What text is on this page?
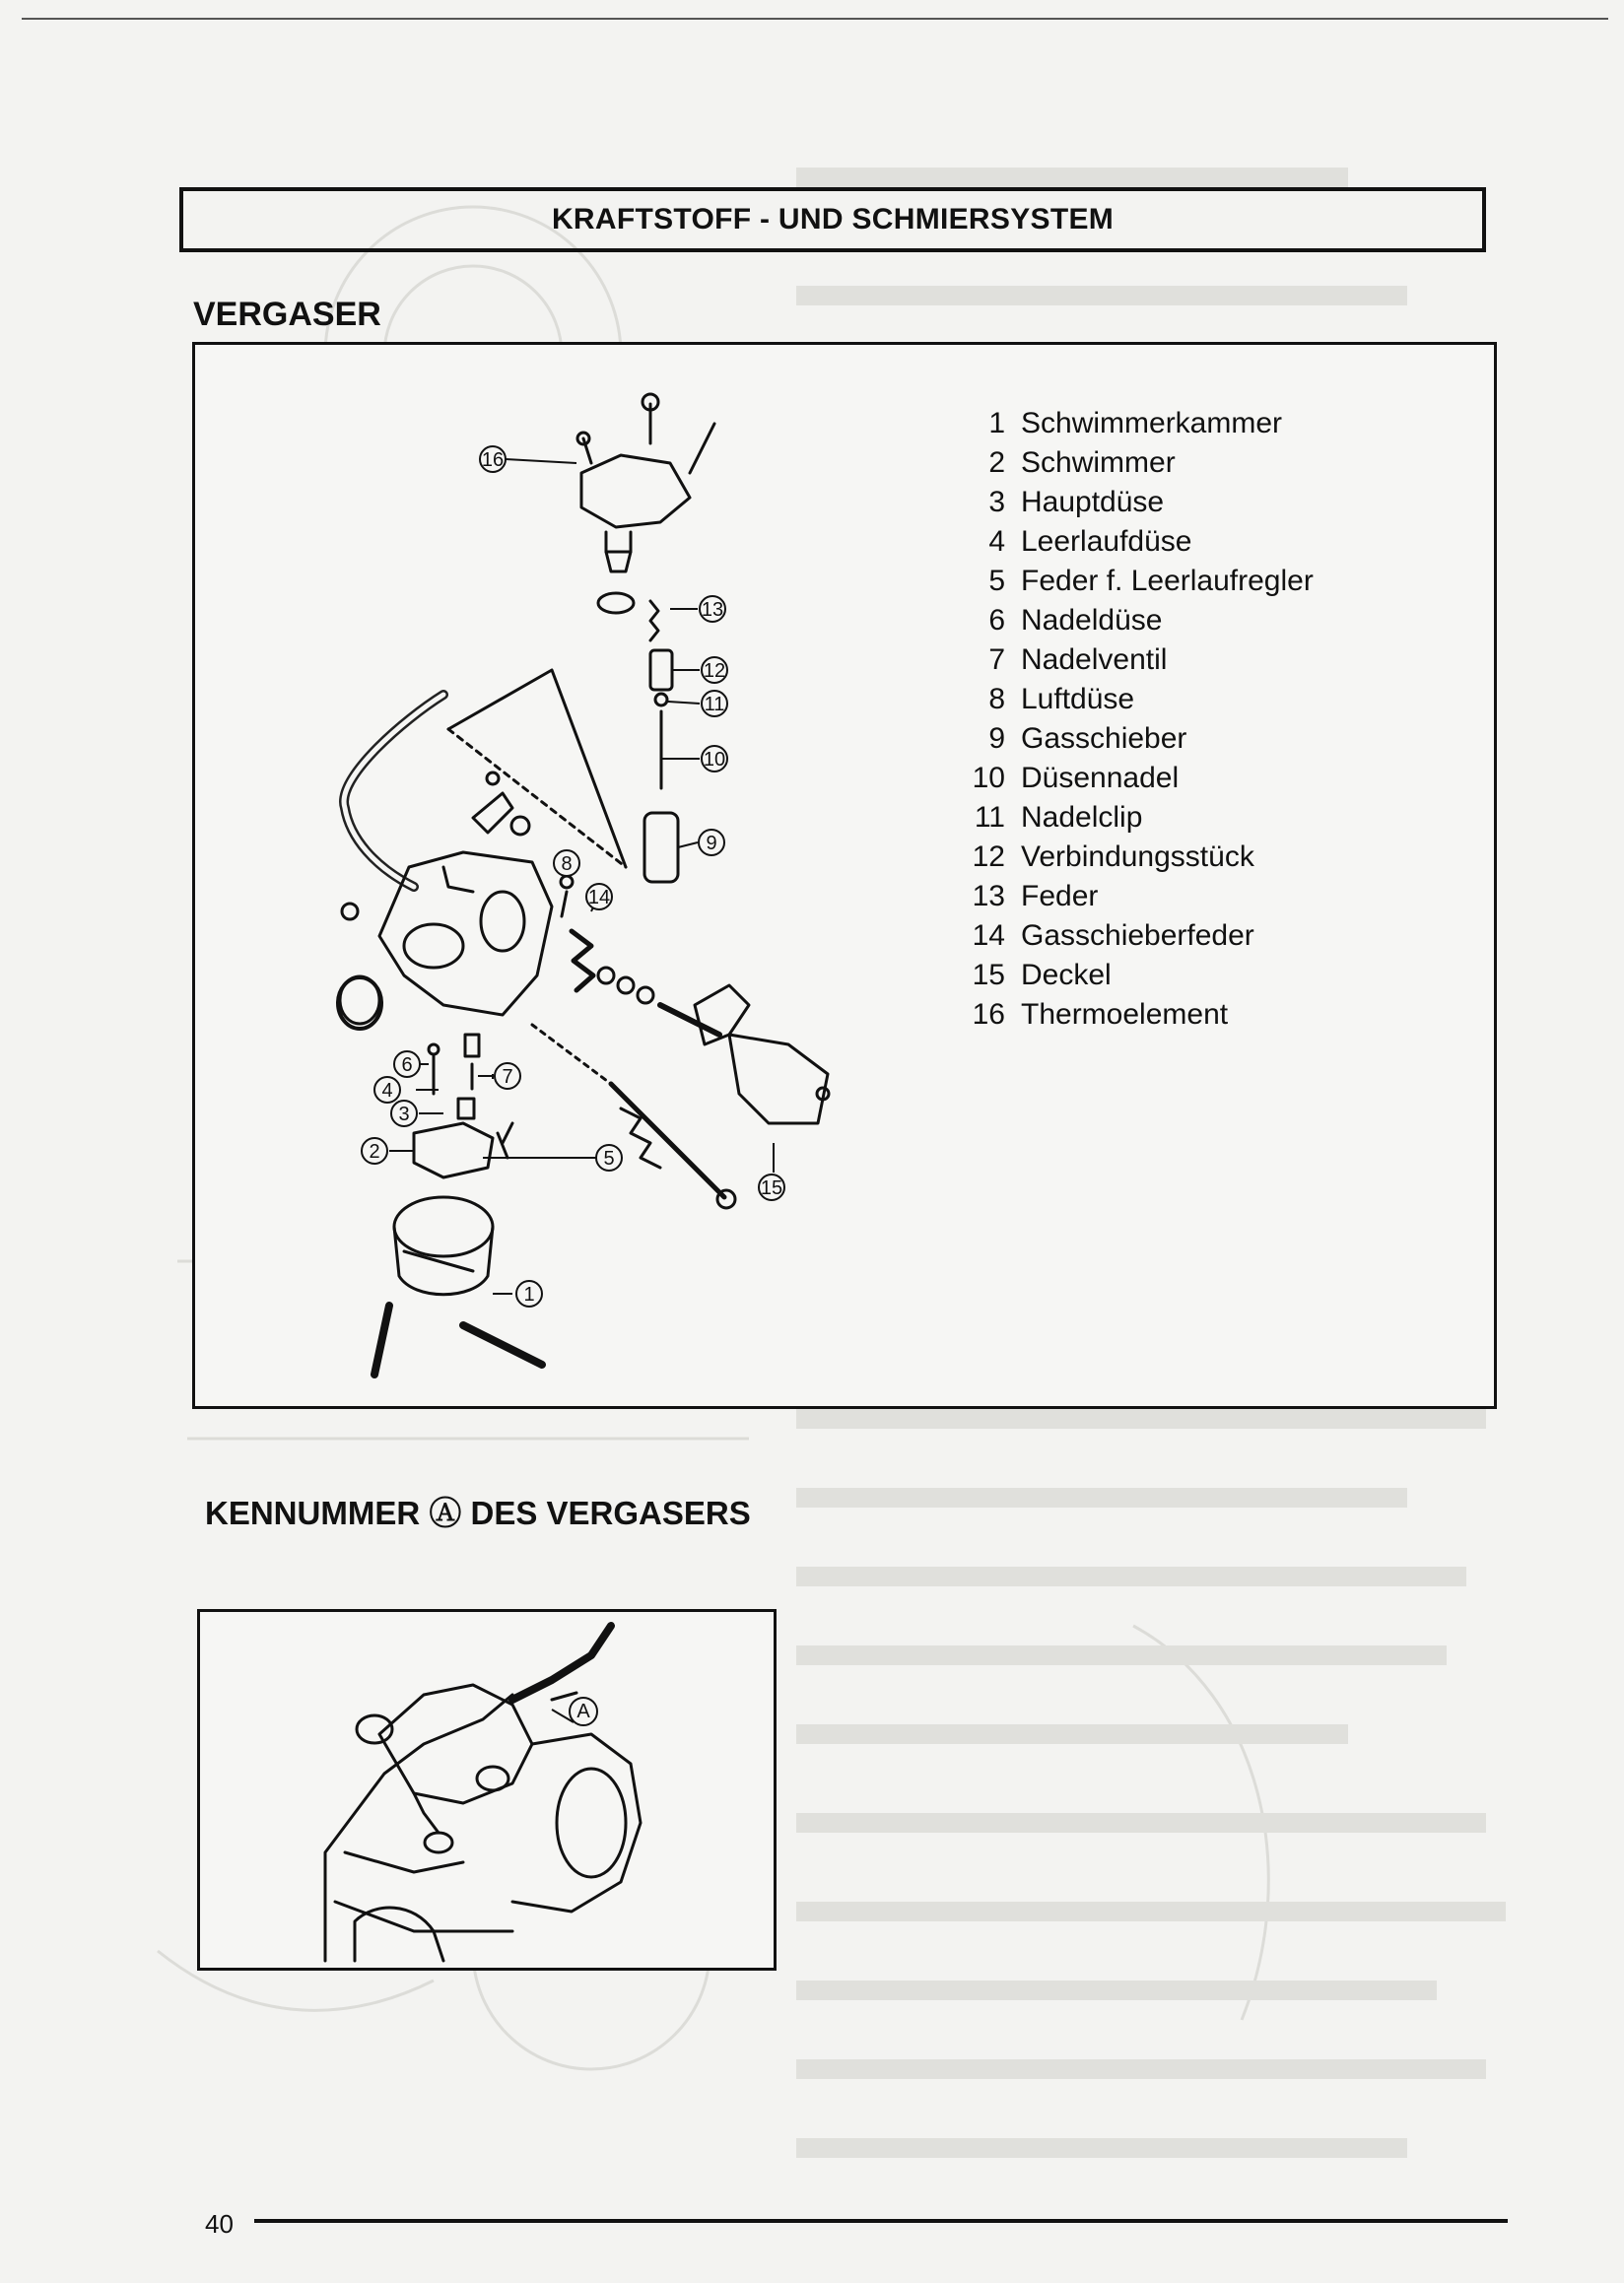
KRAFTSTOFF - UND SCHMIERSYSTEM
VERGASER
16
13
12
11
10
9
8
14
6
7
4
3
2	5
1
15
1 Schwimmerkammer
2 Schwimmer
3 Hauptdüse
4 Leerlaufdüse
5 Feder f. Leerlaufregler
6 Nadeldüse
7 Nadelventil
8 Luftdüse
9 Gasschieber
10 Düsennadel
11 Nadelclip
12 Verbindungsstück
13 Feder
14 Gasschieberfeder
15 Deckel
16 Thermoelement
KENNUMMER Ⓐ DES VERGASERS
A
40
